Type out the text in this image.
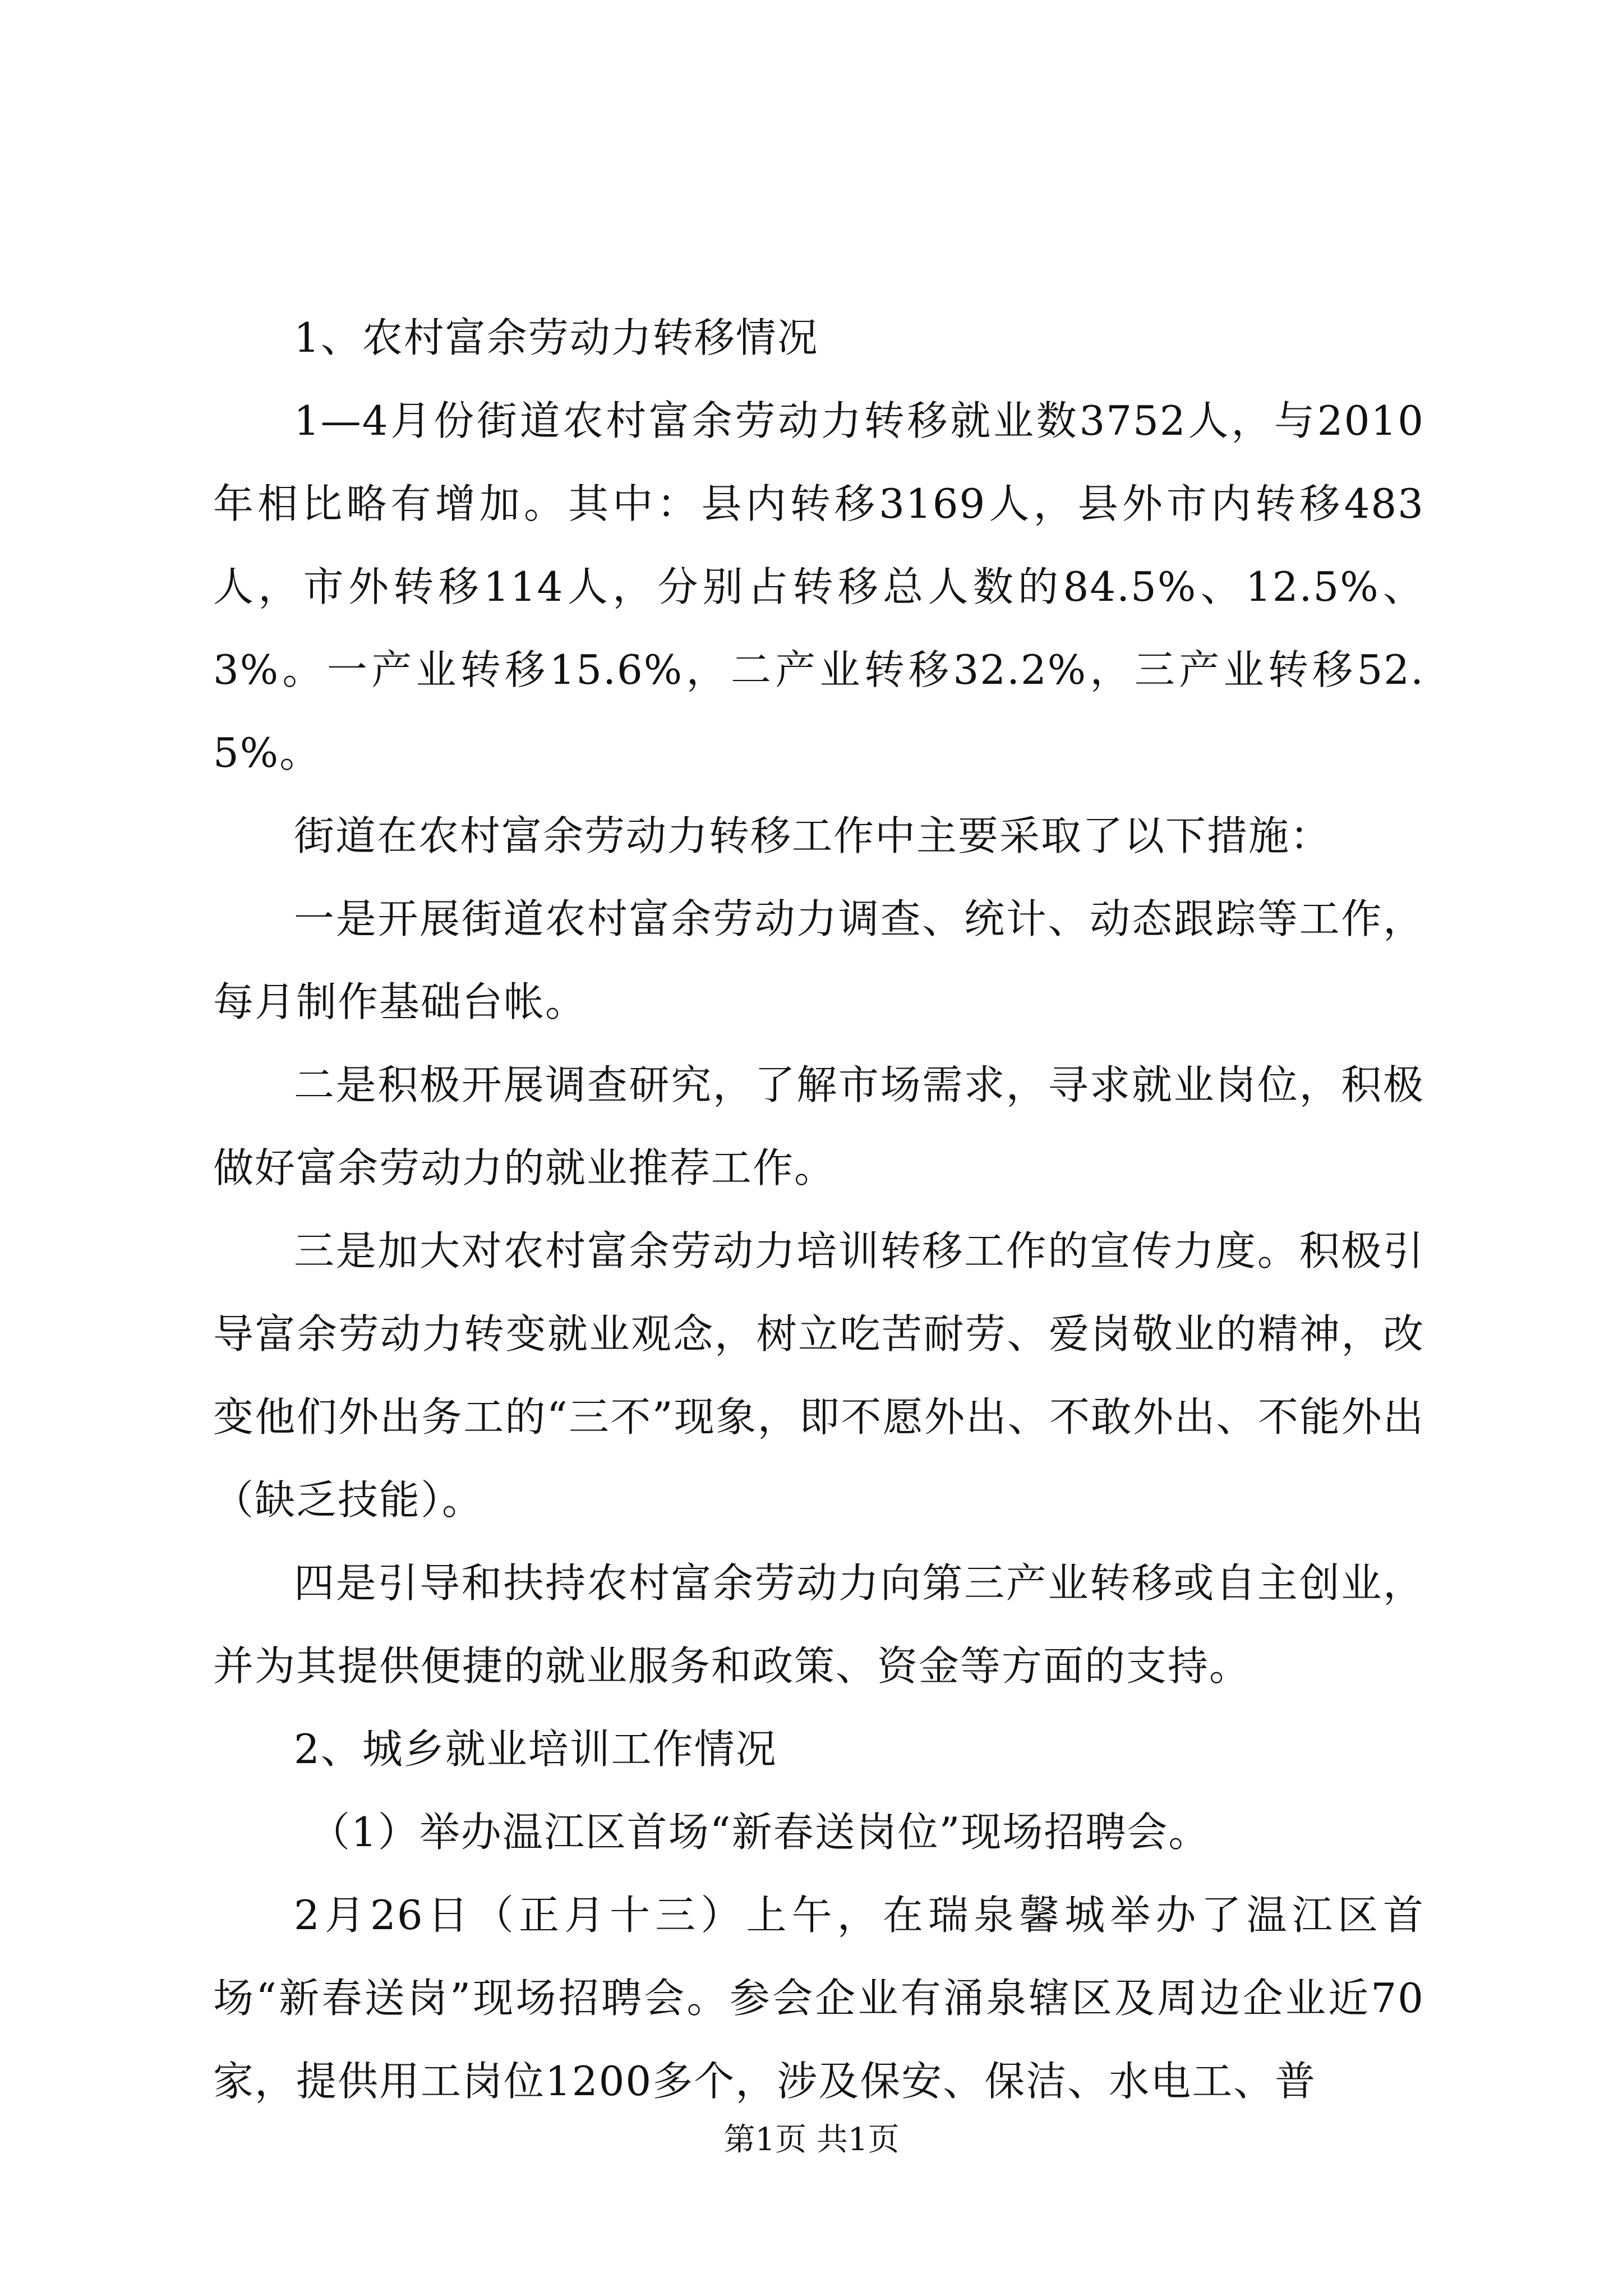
1、农村富余劳动力转移情况

1—4月份街道农村富余劳动力转移就业数3752人，与2010年相比略有增加。其中：县内转移3169人，县外市内转移483人，市外转移114人，分别占转移总人数的84.5%、12.5%、3%。一产业转移15.6%，二产业转移32.2%，三产业转移52.5%。

街道在农村富余劳动力转移工作中主要采取了以下措施：

一是开展街道农村富余劳动力调查、统计、动态跟踪等工作，每月制作基础台帐。

二是积极开展调查研究，了解市场需求，寻求就业岗位，积极做好富余劳动力的就业推荐工作。

三是加大对农村富余劳动力培训转移工作的宣传力度。积极引导富余劳动力转变就业观念，树立吃苦耐劳、爱岗敬业的精神，改变他们外出务工的“三不”现象，即不愿外出、不敢外出、不能外出（缺乏技能）。

四是引导和扶持农村富余劳动力向第三产业转移或自主创业，并为其提供便捷的就业服务和政策、资金等方面的支持。

2、城乡就业培训工作情况

（1）举办温江区首场“新春送岗位”现场招聘会。

2月26日（正月十三）上午，在瑞泉馨城举办了温江区首场“新春送岗”现场招聘会。参会企业有涌泉辖区及周边企业近70家，提供用工岗位1200多个，涉及保安、保洁、水电工、普

第1页 共1页
